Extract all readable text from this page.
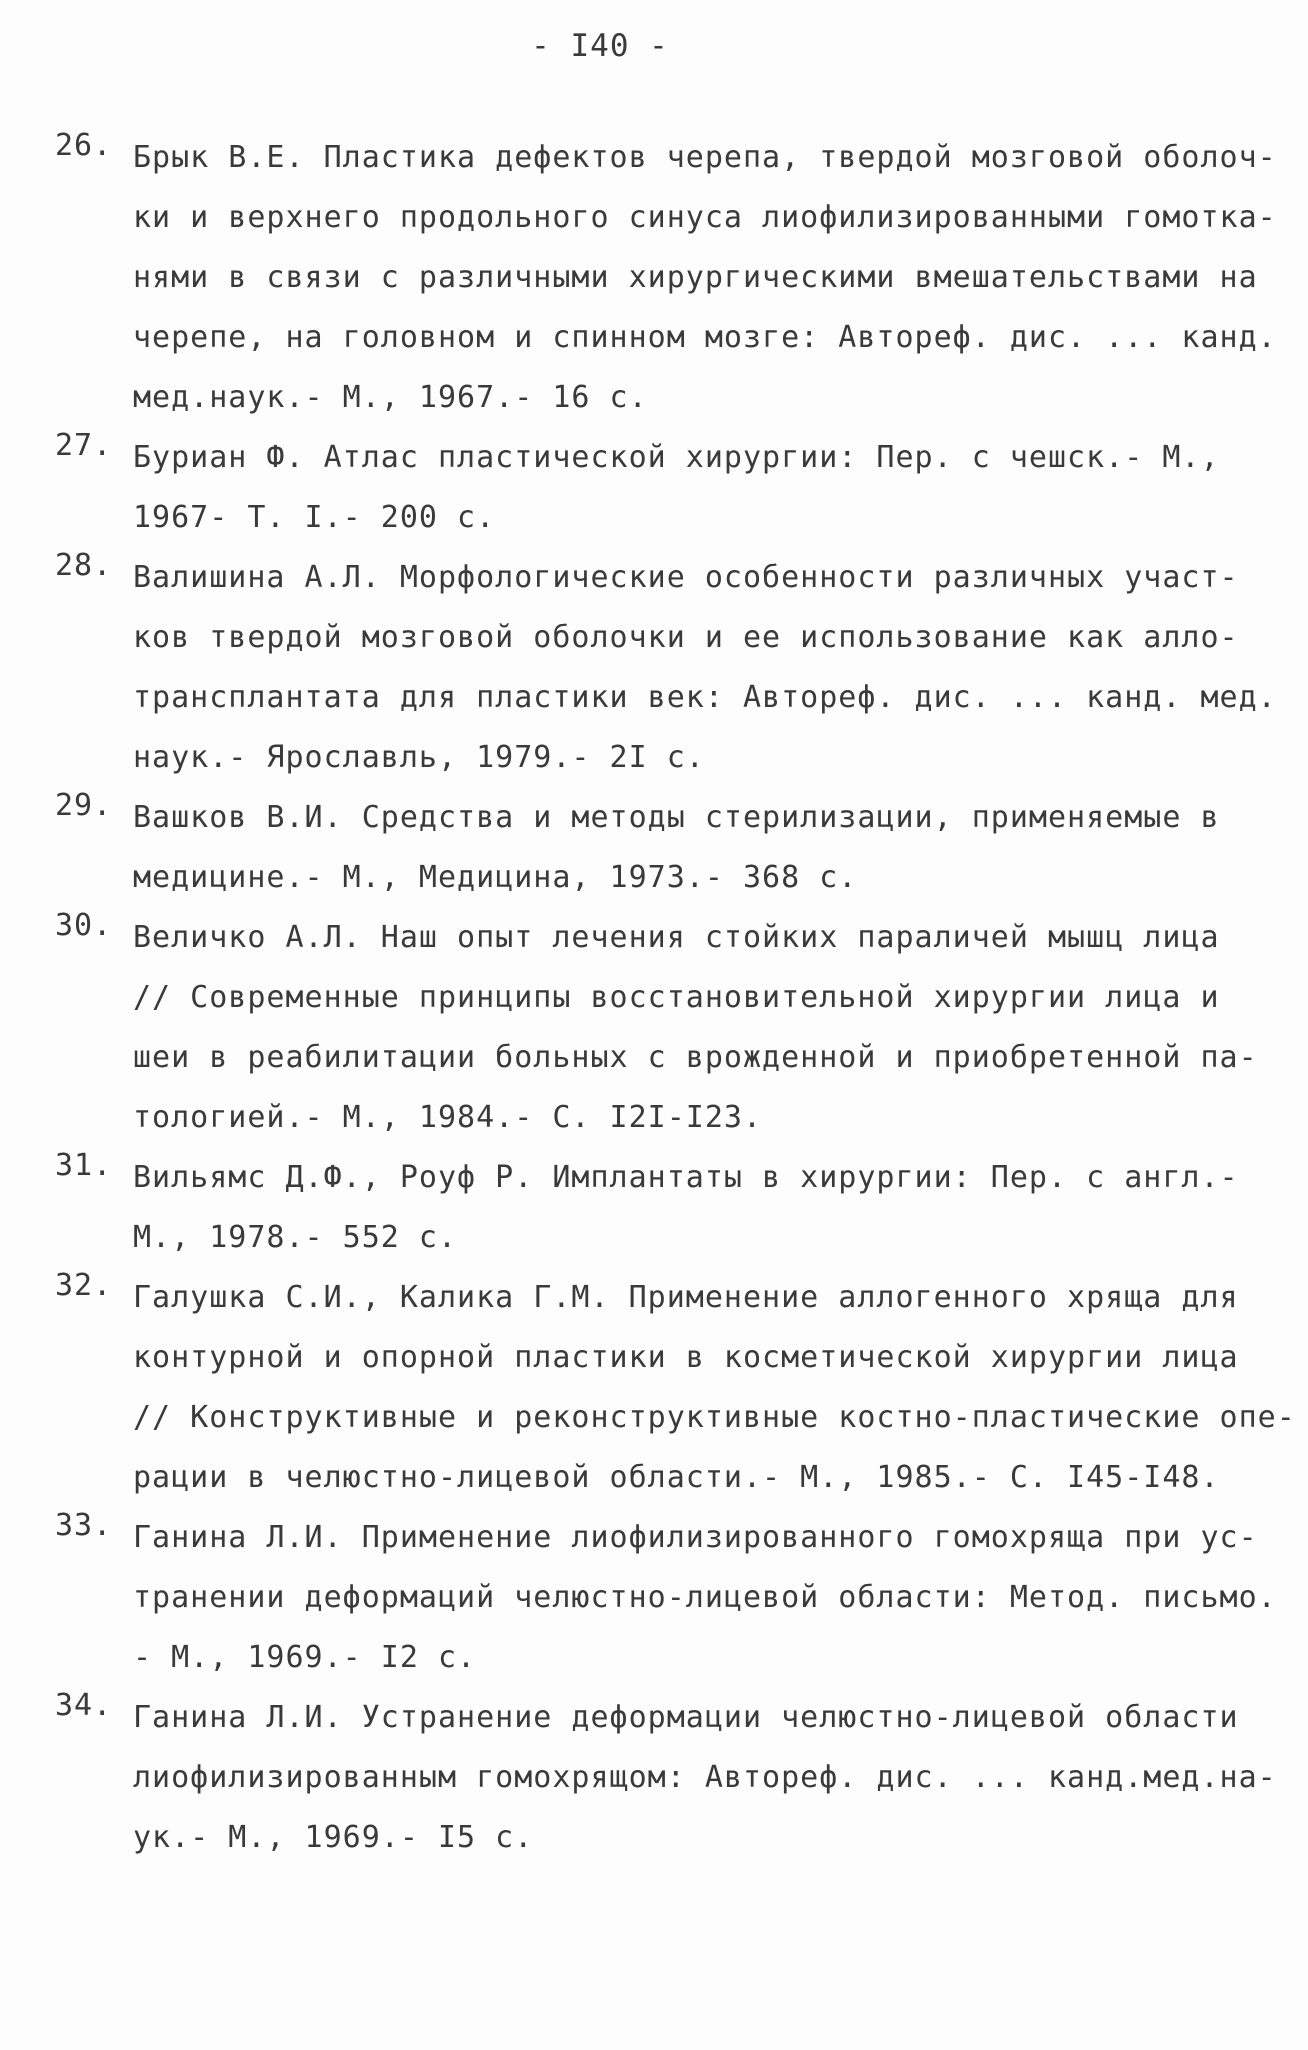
- I40 -
26. Брык В.Е. Пластика дефектов черепа, твердой мозговой оболоч-
ки и верхнего продольного синуса лиофилизированными гомоткa-
нями в связи с различными хирургическими вмешательствами на
черепе, на головном и спинном мозге: Автореф. дис. ... канд.
мед.наук.- М., 1967.- 16 с.
27. Буриан Ф. Атлас пластической хирургии: Пер. с чешск.- М.,
1967- Т. I.- 200 с.
28. Валишина А.Л. Морфологические особенности различных участ-
ков твердой мозговой оболочки и ее использование как алло-
трансплантата для пластики век: Автореф. дис. ... канд. мед.
наук.- Ярославль, 1979.- 2I с.
29. Вашков В.И. Средства и методы стерилизации, применяемые в
медицине.- М., Медицина, 1973.- 368 с.
30. Величко А.Л. Наш опыт лечения стойких параличей мышц лица
// Современные принципы восстановительной хирургии лица и
шеи в реабилитации больных с врожденной и приобретенной па-
тологией.- М., 1984.- С. I2I-I23.
31. Вильямс Д.Ф., Роуф Р. Имплантаты в хирургии: Пер. с англ.-
М., 1978.- 552 с.
32. Галушка С.И., Калика Г.М. Применение аллогенного хряща для
контурной и опорной пластики в косметической хирургии лица
// Конструктивные и реконструктивные костно-пластические опе-
рации в челюстно-лицевой области.- М., 1985.- С. I45-I48.
33. Ганина Л.И. Применение лиофилизированного гомохряща при ус-
транении деформаций челюстно-лицевой области: Метод. письмо.
- М., 1969.- I2 с.
34. Ганина Л.И. Устранение деформации челюстно-лицевой области
лиофилизированным гомохрящом: Автореф. дис. ... канд.мед.на-
ук.- М., 1969.- I5 с.
